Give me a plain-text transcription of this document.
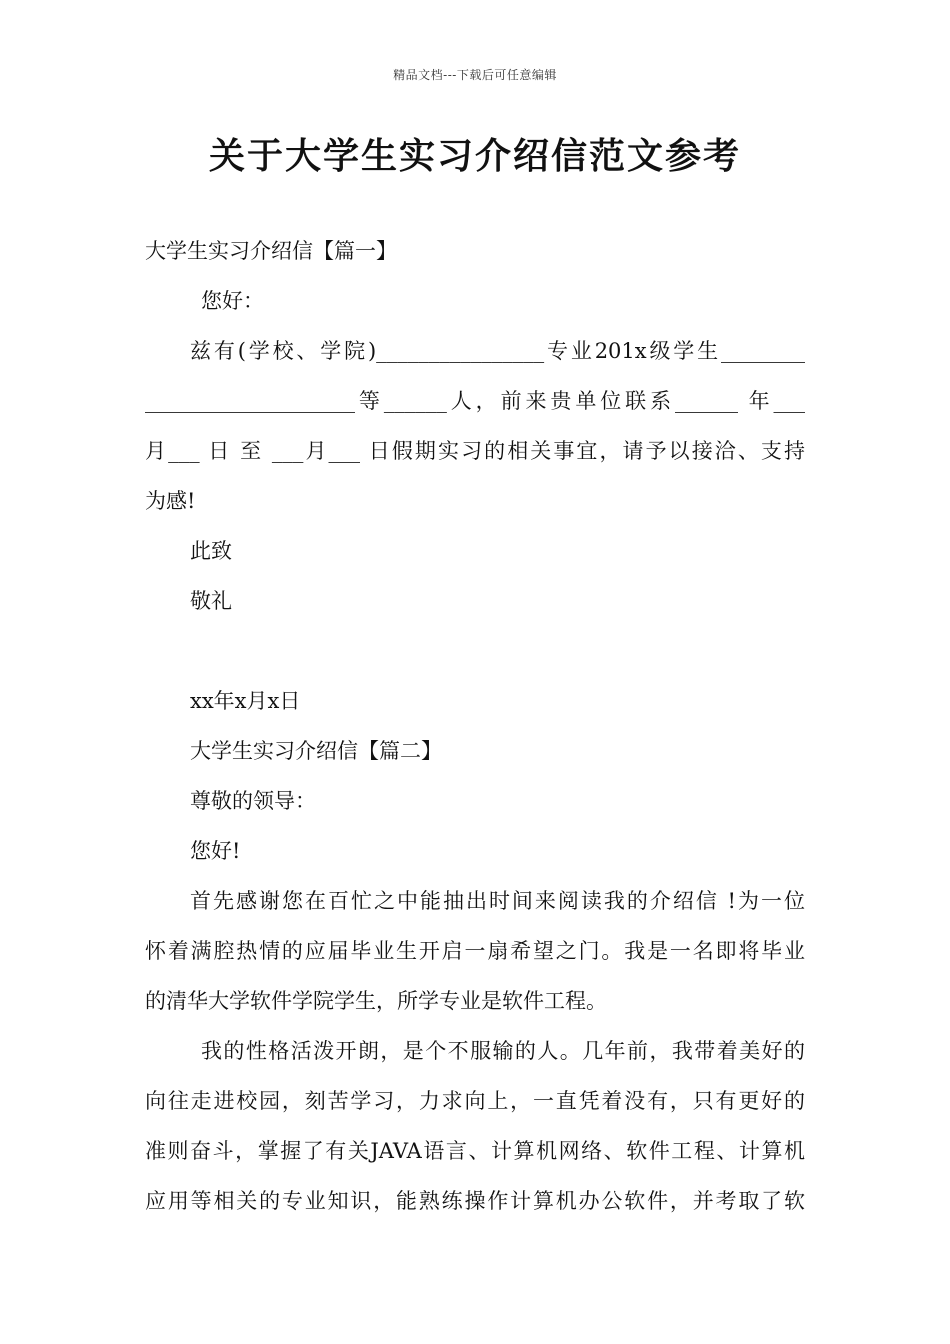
精品文档---下载后可任意编辑
关于大学生实习介绍信范文参考
大学生实习介绍信【篇一】
您好：
兹有(学校、学院)________________专业201x级学生________
____________________等______人，前来贵单位联系______ 年___
月___ 日 至 ___月___ 日假期实习的相关事宜，请予以接洽、支持
为感!
此致
敬礼
xx年x月x日
大学生实习介绍信【篇二】
尊敬的领导：
您好!
首先感谢您在百忙之中能抽出时间来阅读我的介绍信 !为一位
怀着满腔热情的应届毕业生开启一扇希望之门。我是一名即将毕业
的清华大学软件学院学生，所学专业是软件工程。
我的性格活泼开朗，是个不服输的人。几年前，我带着美好的
向往走进校园，刻苦学习，力求向上，一直凭着没有，只有更好的
准则奋斗，掌握了有关JAVA语言、计算机网络、软件工程、计算机
应用等相关的专业知识，能熟练操作计算机办公软件，并考取了软
